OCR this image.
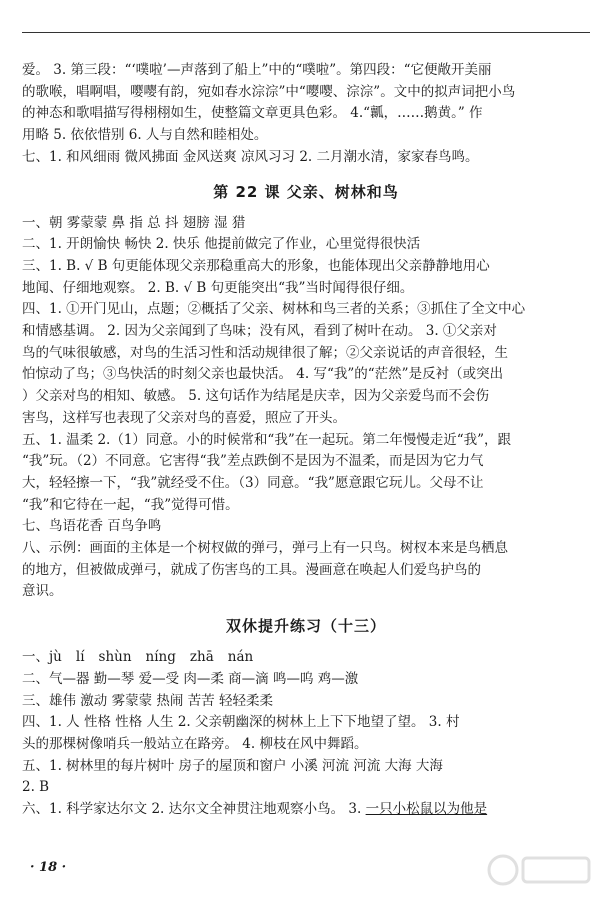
爱。 3. 第三段：“‘噗啦’—声落到了船上”中的“噗啦”。第四段：“它便敞开美丽
的歌喉，唱啊唱，嘤嘤有韵，宛如春水淙淙”中“嘤嘤、淙淙”。文中的拟声词把小鸟
的神态和歌唱描写得栩栩如生，使整篇文章更具色彩。 4.“瓤，……鹅黄。” 作
用略 5. 依依惜别 6. 人与自然和睦相处。
七、1. 和风细雨 微风拂面 金风送爽 凉风习习 2. 二月潮水清，家家春鸟鸣。
第 22 课 父亲、树林和鸟
一、朝 雾蒙蒙 鼻 指 总 抖 翅膀 湿 猎
二、1. 开朗愉快 畅快 2. 快乐 他提前做完了作业，心里觉得很快活
三、1. B. √ B 句更能体现父亲那稳重高大的形象，也能体现出父亲静静地用心
地闻、仔细地观察。 2. B. √ B 句更能突出“我”当时闻得很仔细。
四、1. ①开门见山，点题；②概括了父亲、树林和鸟三者的关系；③抓住了全文中心
和情感基调。 2. 因为父亲闻到了鸟味；没有风，看到了树叶在动。 3. ①父亲对
鸟的气味很敏感，对鸟的生活习性和活动规律很了解；②父亲说话的声音很轻，生
怕惊动了鸟；③鸟快活的时刻父亲也最快活。 4. 写“我”的“茫然”是反衬（或突出
）父亲对鸟的相知、敏感。 5. 这句话作为结尾是庆幸，因为父亲爱鸟而不会伤
害鸟，这样写也表现了父亲对鸟的喜爱，照应了开头。
五、1. 温柔 2.（1）同意。小的时候常和“我”在一起玩。第二年慢慢走近“我”，跟
“我”玩。（2）不同意。它害得“我”差点跌倒不是因为不温柔，而是因为它力气
大，轻轻擦一下，“我”就经受不住。（3）同意。“我”愿意跟它玩儿。父母不让
“我”和它待在一起，“我”觉得可惜。
七、鸟语花香 百鸟争鸣
八、示例：画面的主体是一个树杈做的弹弓，弹弓上有一只鸟。树杈本来是鸟栖息
的地方，但被做成弹弓，就成了伤害鸟的工具。漫画意在唤起人们爱鸟护鸟的
意识。
双休提升练习（十三）
一、jù lí shùn níng zhā nán
二、气—器 勤—琴 爱—受 肉—柔 商—滴 鸣—呜 鸡—激
三、雄伟 激动 雾蒙蒙 热闹 苦苦 轻轻柔柔
四、1. 人 性格 性格 人生 2. 父亲朝幽深的树林上上下下地望了望。 3. 村
头的那棵树像哨兵一般站立在路旁。 4. 柳枝在风中舞蹈。
五、1. 树林里的每片树叶 房子的屋顶和窗户 小溪 河流 河流 大海 大海
2. B
六、1. 科学家达尔文 2. 达尔文全神贯注地观察小鸟。 3. 一只小松鼠以为他是
· 18 ·
